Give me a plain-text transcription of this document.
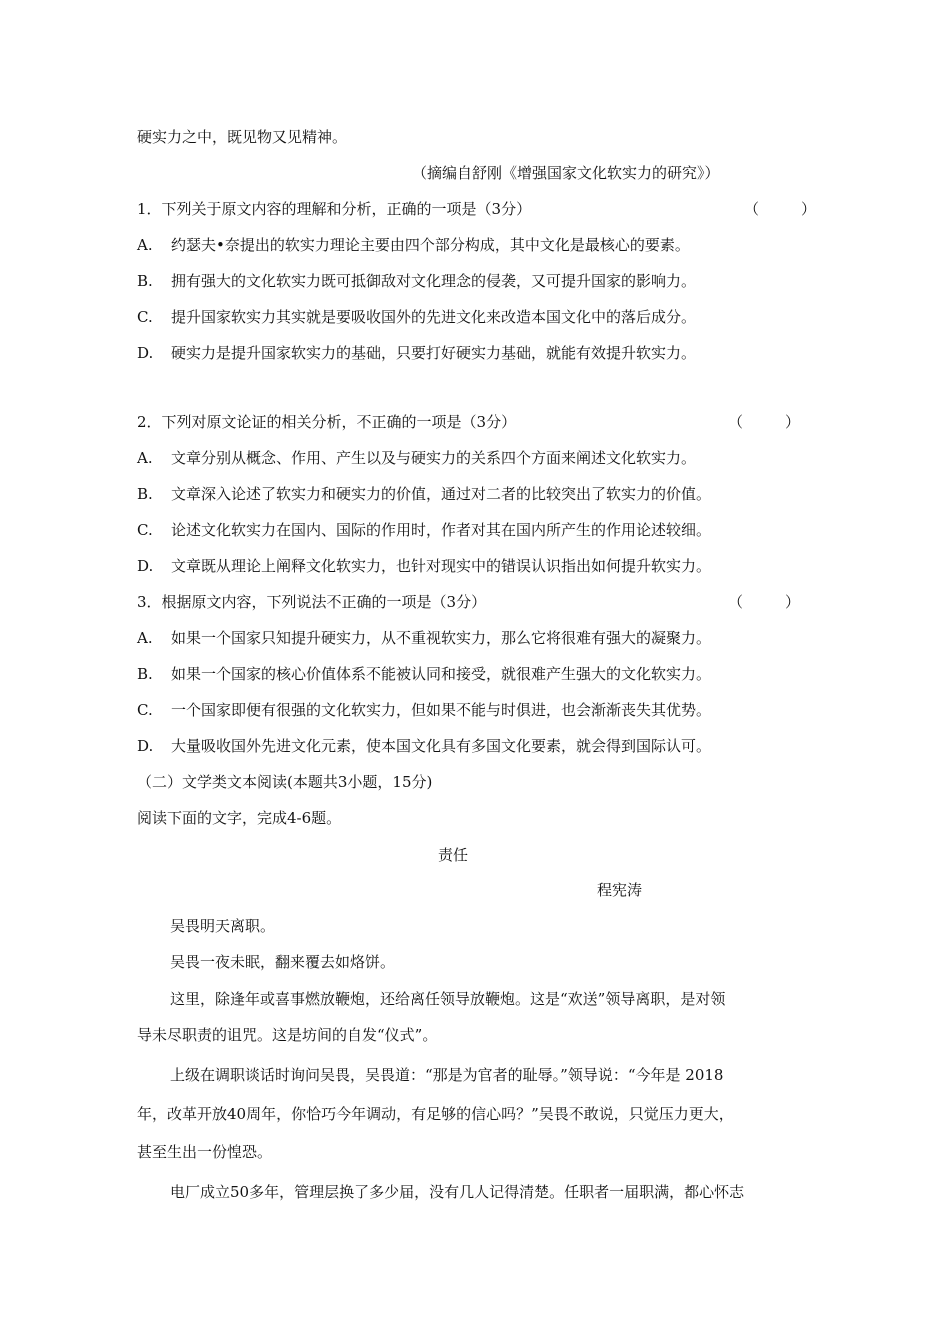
硬实力之中，既见物又见精神。
（摘编自舒刚《增强国家文化软实力的研究》）
1．下列关于原文内容的理解和分析，正确的一项是（3分）	（	）
A. 约瑟夫•奈提出的软实力理论主要由四个部分构成，其中文化是最核心的要素。
B. 拥有强大的文化软实力既可抵御敌对文化理念的侵袭，又可提升国家的影响力。
C. 提升国家软实力其实就是要吸收国外的先进文化来改造本国文化中的落后成分。
D. 硬实力是提升国家软实力的基础，只要打好硬实力基础，就能有效提升软实力。
2．下列对原文论证的相关分析，不正确的一项是（3分）	（	）
A. 文章分别从概念、作用、产生以及与硬实力的关系四个方面来阐述文化软实力。
B. 文章深入论述了软实力和硬实力的价值，通过对二者的比较突出了软实力的价值。
C. 论述文化软实力在国内、国际的作用时，作者对其在国内所产生的作用论述较细。
D. 文章既从理论上阐释文化软实力，也针对现实中的错误认识指出如何提升软实力。
3．根据原文内容，下列说法不正确的一项是（3分）	（	）
A. 如果一个国家只知提升硬实力，从不重视软实力，那么它将很难有强大的凝聚力。
B. 如果一个国家的核心价值体系不能被认同和接受，就很难产生强大的文化软实力。
C. 一个国家即便有很强的文化软实力，但如果不能与时俱进，也会渐渐丧失其优势。
D. 大量吸收国外先进文化元素，使本国文化具有多国文化要素，就会得到国际认可。
（二）文学类文本阅读(本题共3小题，15分)
阅读下面的文字，完成4-6题。
责任
程宪涛
吴畏明天离职。
吴畏一夜未眠，翻来覆去如烙饼。
这里，除逢年或喜事燃放鞭炮，还给离任领导放鞭炮。这是“欢送”领导离职，是对领
导未尽职责的诅咒。这是坊间的自发“仪式”。
上级在调职谈话时询问吴畏，吴畏道：“那是为官者的耻辱。”领导说：“今年是 2018
年，改革开放40周年，你恰巧今年调动，有足够的信心吗？”吴畏不敢说，只觉压力更大，
甚至生出一份惶恐。
电厂成立50多年，管理层换了多少届，没有几人记得清楚。任职者一届职满，都心怀志
